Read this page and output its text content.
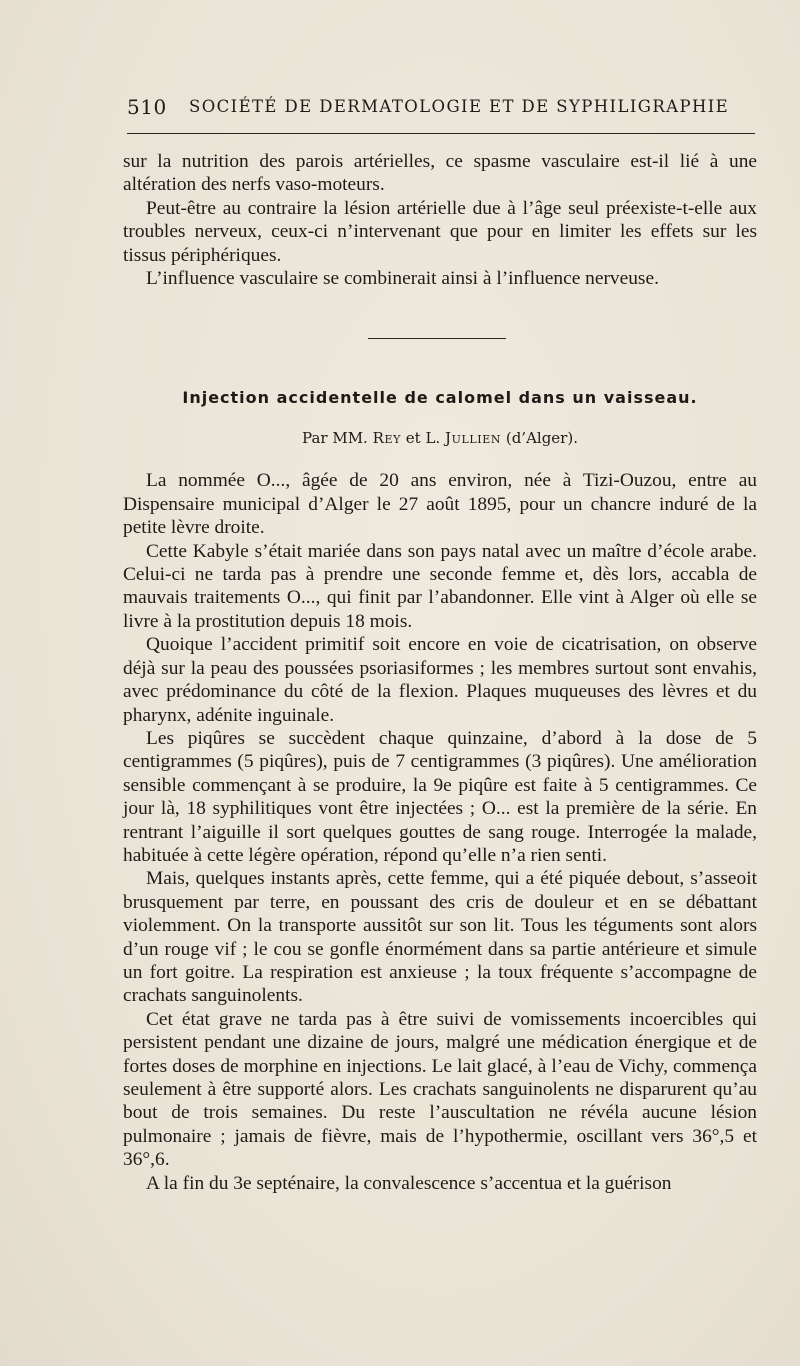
510 SOCIÉTÉ DE DERMATOLOGIE ET DE SYPHILIGRAPHIE

sur la nutrition des parois artérielles, ce spasme vasculaire est-il lié à une altération des nerfs vaso-moteurs.

Peut-être au contraire la lésion artérielle due à l’âge seul préexiste-t-elle aux troubles nerveux, ceux-ci n’intervenant que pour en limiter les effets sur les tissus périphériques.

L’influence vasculaire se combinerait ainsi à l’influence nerveuse.

Injection accidentelle de calomel dans un vaisseau.
Par MM. Rey et L. Jullien (d’Alger).

La nommée O..., âgée de 20 ans environ, née à Tizi-Ouzou, entre au Dispensaire municipal d’Alger le 27 août 1895, pour un chancre induré de la petite lèvre droite.

Cette Kabyle s’était mariée dans son pays natal avec un maître d’école arabe. Celui-ci ne tarda pas à prendre une seconde femme et, dès lors, accabla de mauvais traitements O..., qui finit par l’abandonner. Elle vint à Alger où elle se livre à la prostitution depuis 18 mois.

Quoique l’accident primitif soit encore en voie de cicatrisation, on observe déjà sur la peau des poussées psoriasiformes ; les membres surtout sont envahis, avec prédominance du côté de la flexion. Plaques muqueuses des lèvres et du pharynx, adénite inguinale.

Les piqûres se succèdent chaque quinzaine, d’abord à la dose de 5 centigrammes (5 piqûres), puis de 7 centigrammes (3 piqûres). Une amélioration sensible commençant à se produire, la 9e piqûre est faite à 5 centigrammes. Ce jour là, 18 syphilitiques vont être injectées ; O... est la première de la série. En rentrant l’aiguille il sort quelques gouttes de sang rouge. Interrogée la malade, habituée à cette légère opération, répond qu’elle n’a rien senti.

Mais, quelques instants après, cette femme, qui a été piquée debout, s’asseoit brusquement par terre, en poussant des cris de douleur et en se débattant violemment. On la transporte aussitôt sur son lit. Tous les téguments sont alors d’un rouge vif ; le cou se gonfle énormément dans sa partie antérieure et simule un fort goitre. La respiration est anxieuse ; la toux fréquente s’accompagne de crachats sanguinolents.

Cet état grave ne tarda pas à être suivi de vomissements incoercibles qui persistent pendant une dizaine de jours, malgré une médication énergique et de fortes doses de morphine en injections. Le lait glacé, à l’eau de Vichy, commença seulement à être supporté alors. Les crachats sanguinolents ne disparurent qu’au bout de trois semaines. Du reste l’auscultation ne révéla aucune lésion pulmonaire ; jamais de fièvre, mais de l’hypothermie, oscillant vers 36°,5 et 36°,6.

A la fin du 3e septénaire, la convalescence s’accentua et la guérison
